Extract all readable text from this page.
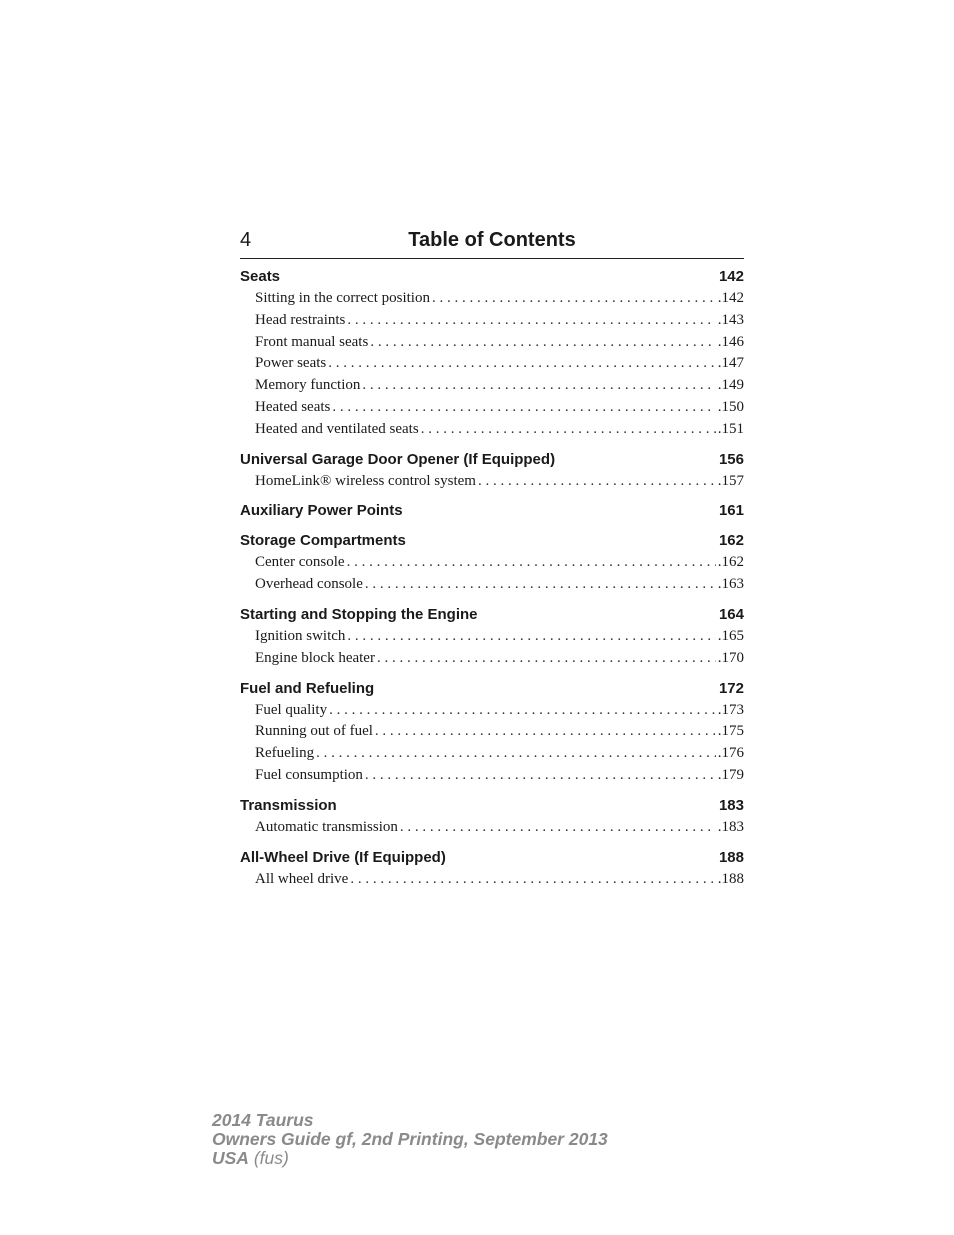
4	Table of Contents
Seats	142
Sitting in the correct position . . .	.142
Head restraints . . .	.143
Front manual seats . . .	.146
Power seats . . .	.147
Memory function . . .	.149
Heated seats . . .	.150
Heated and ventilated seats . . .	.151
Universal Garage Door Opener (If Equipped)	156
HomeLink® wireless control system . . .	.157
Auxiliary Power Points	161
Storage Compartments	162
Center console . . .	.162
Overhead console . . .	.163
Starting and Stopping the Engine	164
Ignition switch . . .	.165
Engine block heater . . .	.170
Fuel and Refueling	172
Fuel quality . . .	.173
Running out of fuel . . .	.175
Refueling . . .	.176
Fuel consumption . . .	.179
Transmission	183
Automatic transmission . . .	.183
All-Wheel Drive (If Equipped)	188
All wheel drive . . .	.188
2014 Taurus
Owners Guide gf, 2nd Printing, September 2013
USA (fus)
